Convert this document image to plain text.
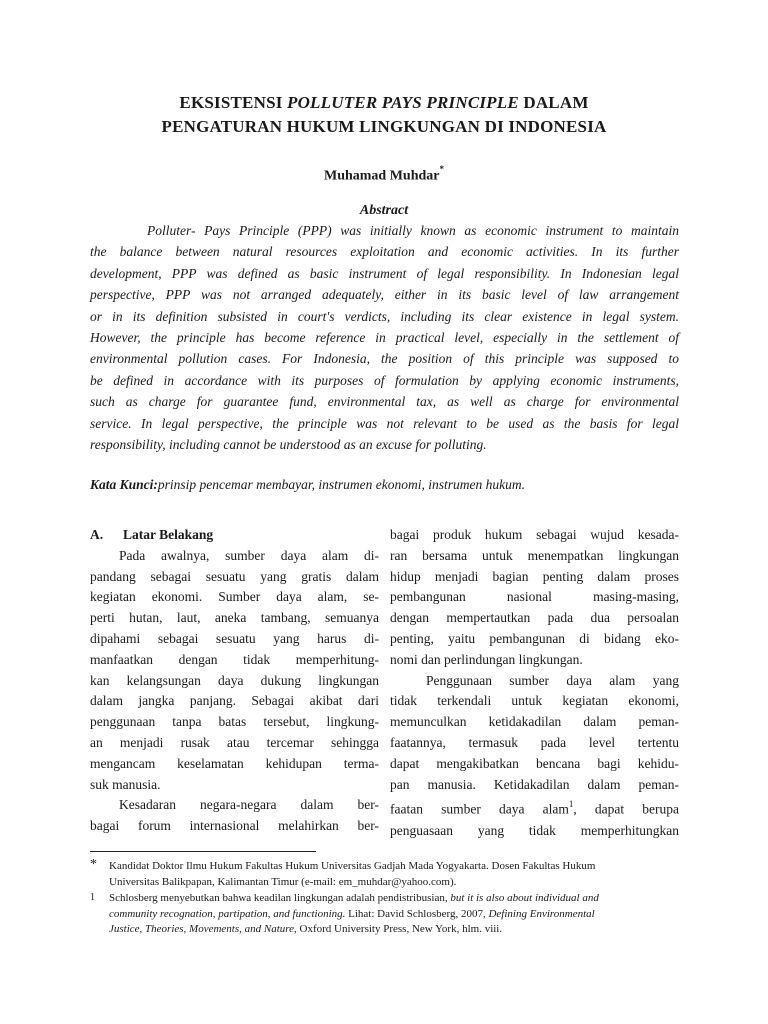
EKSISTENSI POLLUTER PAYS PRINCIPLE DALAM
PENGATURAN HUKUM LINGKUNGAN DI INDONESIA
Muhamad Muhdar*
Abstract
Polluter- Pays Principle (PPP) was initially known as economic instrument to maintain
the balance between natural resources exploitation and economic activities. In its further
development, PPP was defined as basic instrument of legal responsibility. In Indonesian legal
perspective, PPP was not arranged adequately, either in its basic level of law arrangement
or in its definition subsisted in court's verdicts, including its clear existence in legal system.
However, the principle has become reference in practical level, especially in the settlement of
environmental pollution cases. For Indonesia, the position of this principle was supposed to
be defined in accordance with its purposes of formulation by applying economic instruments,
such as charge for guarantee fund, environmental tax, as well as charge for environmental
service. In legal perspective, the principle was not relevant to be used as the basis for legal
responsibility, including cannot be understood as an excuse for polluting.
Kata Kunci:prinsip pencemar membayar, instrumen ekonomi, instrumen hukum.
A. Latar Belakang
Pada awalnya, sumber daya alam di-
pandang sebagai sesuatu yang gratis dalam
kegiatan ekonomi. Sumber daya alam, se-
perti hutan, laut, aneka tambang, semuanya
dipahami sebagai sesuatu yang harus di-
manfaatkan dengan tidak memperhitung-
kan kelangsungan daya dukung lingkungan
dalam jangka panjang. Sebagai akibat dari
penggunaan tanpa batas tersebut, lingkung-
an menjadi rusak atau tercemar sehingga
mengancam keselamatan kehidupan terma-
suk manusia.
Kesadaran negara-negara dalam ber-
bagai forum internasional melahirkan ber-
bagai produk hukum sebagai wujud kesada-
ran bersama untuk menempatkan lingkungan
hidup menjadi bagian penting dalam proses
pembangunan nasional masing-masing,
dengan mempertautkan pada dua persoalan
penting, yaitu pembangunan di bidang eko-
nomi dan perlindungan lingkungan.
Penggunaan sumber daya alam yang
tidak terkendali untuk kegiatan ekonomi,
memunculkan ketidakadilan dalam peman-
faatannya, termasuk pada level tertentu
dapat mengakibatkan bencana bagi kehidu-
pan manusia. Ketidakadilan dalam peman-
faatan sumber daya alam$^1$, dapat berupa
penguasaan yang tidak memperhitungkan
* Kandidat Doktor Ilmu Hukum Fakultas Hukum Universitas Gadjah Mada Yogyakarta. Dosen Fakultas Hukum
Universitas Balikpapan, Kalimantan Timur (e-mail: em_muhdar@yahoo.com).
1 Schlosberg menyebutkan bahwa keadilan lingkungan adalah pendistribusian, but it is also about individual and
community recognation, partipation, and functioning. Lihat: David Schlosberg, 2007, Defining Environmental
Justice, Theories, Movements, and Nature, Oxford University Press, New York, hlm. viii.
